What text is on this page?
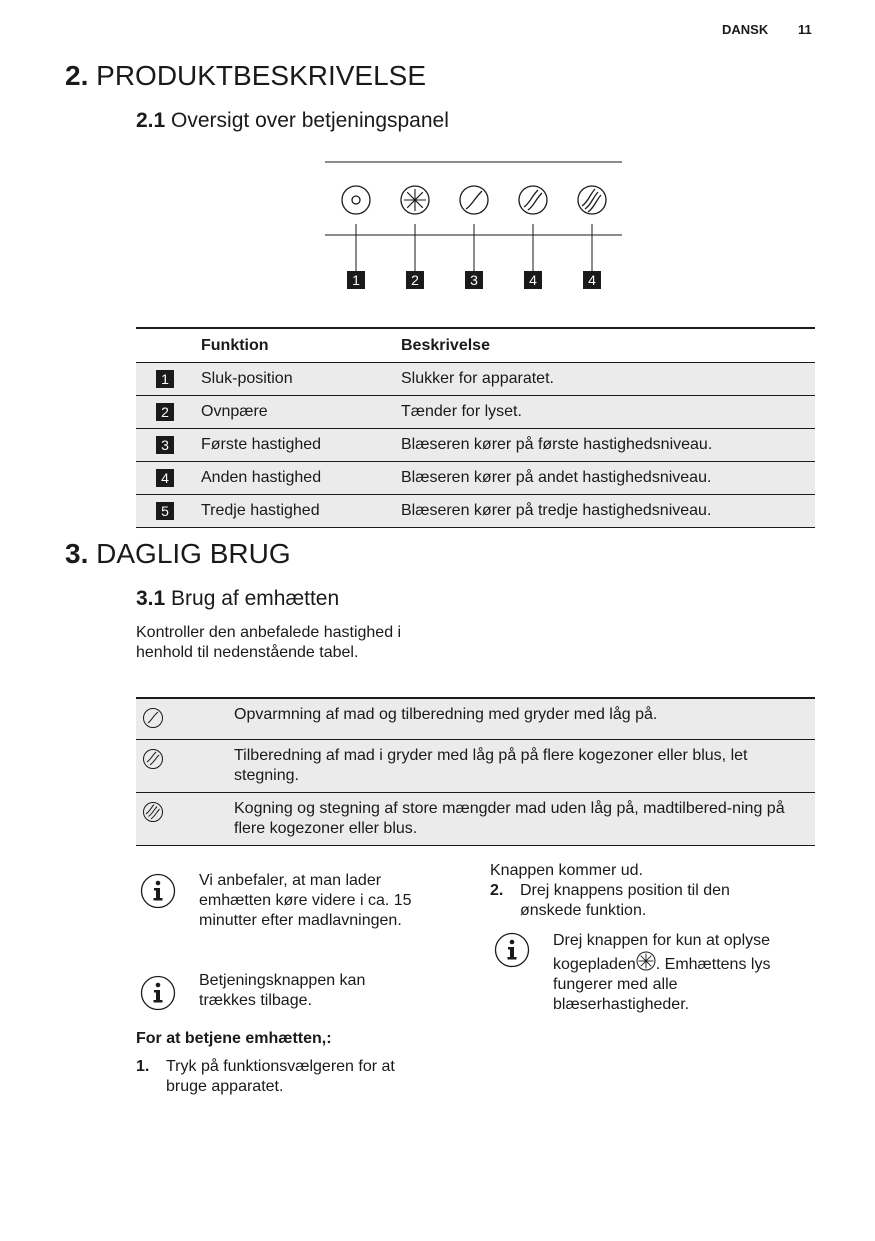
DANSK 11
2. PRODUKTBESKRIVELSE
2.1 Oversigt over betjeningspanel
1	2	3	4	4
	Funktion	Beskrivelse
1	Sluk-position	Slukker for apparatet.
2	Ovnpære	Tænder for lyset.
3	Første hastighed	Blæseren kører på første hastighedsniveau.
4	Anden hastighed	Blæseren kører på andet hastighedsniveau.
5	Tredje hastighed	Blæseren kører på tredje hastighedsniveau.
3. DAGLIG BRUG
3.1 Brug af emhætten
Kontroller den anbefalede hastighed i
henhold til nedenstående tabel.
Opvarmning af mad og tilberedning med gryder med låg på.
Tilberedning af mad i gryder med låg på på flere kogezoner eller blus, let stegning.
Kogning og stegning af store mængder mad uden låg på, madtilbered-ning på flere kogezoner eller blus.
Vi anbefaler, at man lader emhætten køre videre i ca. 15 minutter efter madlavningen.
Betjeningsknappen kan trækkes tilbage.
For at betjene emhætten,:
1. Tryk på funktionsvælgeren for at bruge apparatet.
Knappen kommer ud.
2. Drej knappens position til den ønskede funktion.
Drej knappen for kun at oplyse kogepladen . Emhættens lys fungerer med alle blæserhastigheder.
